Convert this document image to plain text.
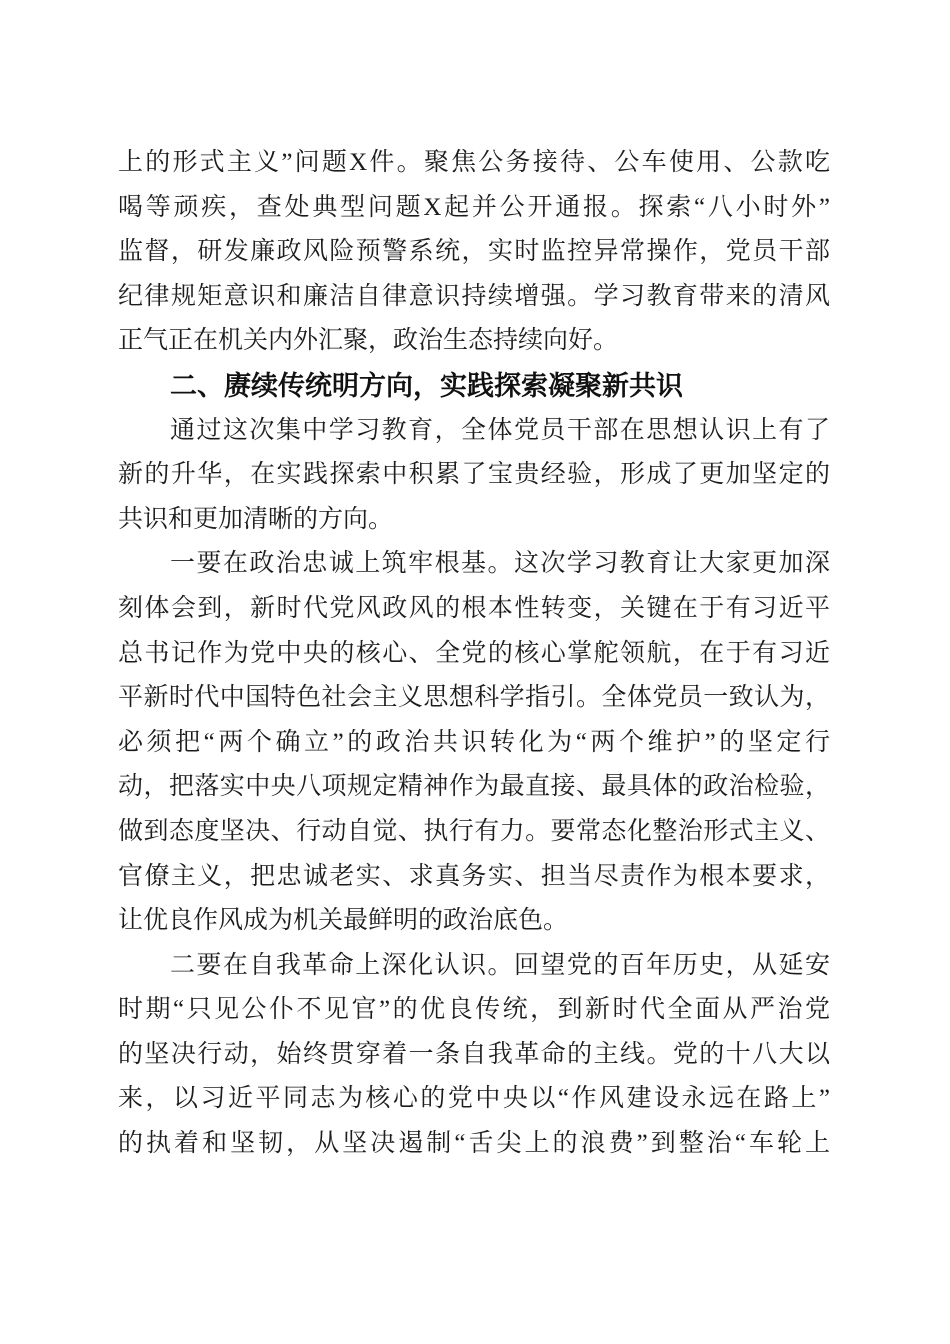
上的形式主义”问题X件。聚焦公务接待、公车使用、公款吃
喝等顽疾，查处典型问题X起并公开通报。探索“八小时外”
监督，研发廉政风险预警系统，实时监控异常操作，党员干部
纪律规矩意识和廉洁自律意识持续增强。学习教育带来的清风
正气正在机关内外汇聚，政治生态持续向好。
二、赓续传统明方向，实践探索凝聚新共识
通过这次集中学习教育，全体党员干部在思想认识上有了
新的升华，在实践探索中积累了宝贵经验，形成了更加坚定的
共识和更加清晰的方向。
一要在政治忠诚上筑牢根基。这次学习教育让大家更加深
刻体会到，新时代党风政风的根本性转变，关键在于有习近平
总书记作为党中央的核心、全党的核心掌舵领航，在于有习近
平新时代中国特色社会主义思想科学指引。全体党员一致认为，
必须把“两个确立”的政治共识转化为“两个维护”的坚定行
动，把落实中央八项规定精神作为最直接、最具体的政治检验，
做到态度坚决、行动自觉、执行有力。要常态化整治形式主义、
官僚主义，把忠诚老实、求真务实、担当尽责作为根本要求，
让优良作风成为机关最鲜明的政治底色。
二要在自我革命上深化认识。回望党的百年历史，从延安
时期“只见公仆不见官”的优良传统，到新时代全面从严治党
的坚决行动，始终贯穿着一条自我革命的主线。党的十八大以
来，以习近平同志为核心的党中央以“作风建设永远在路上”
的执着和坚韧，从坚决遏制“舌尖上的浪费”到整治“车轮上
